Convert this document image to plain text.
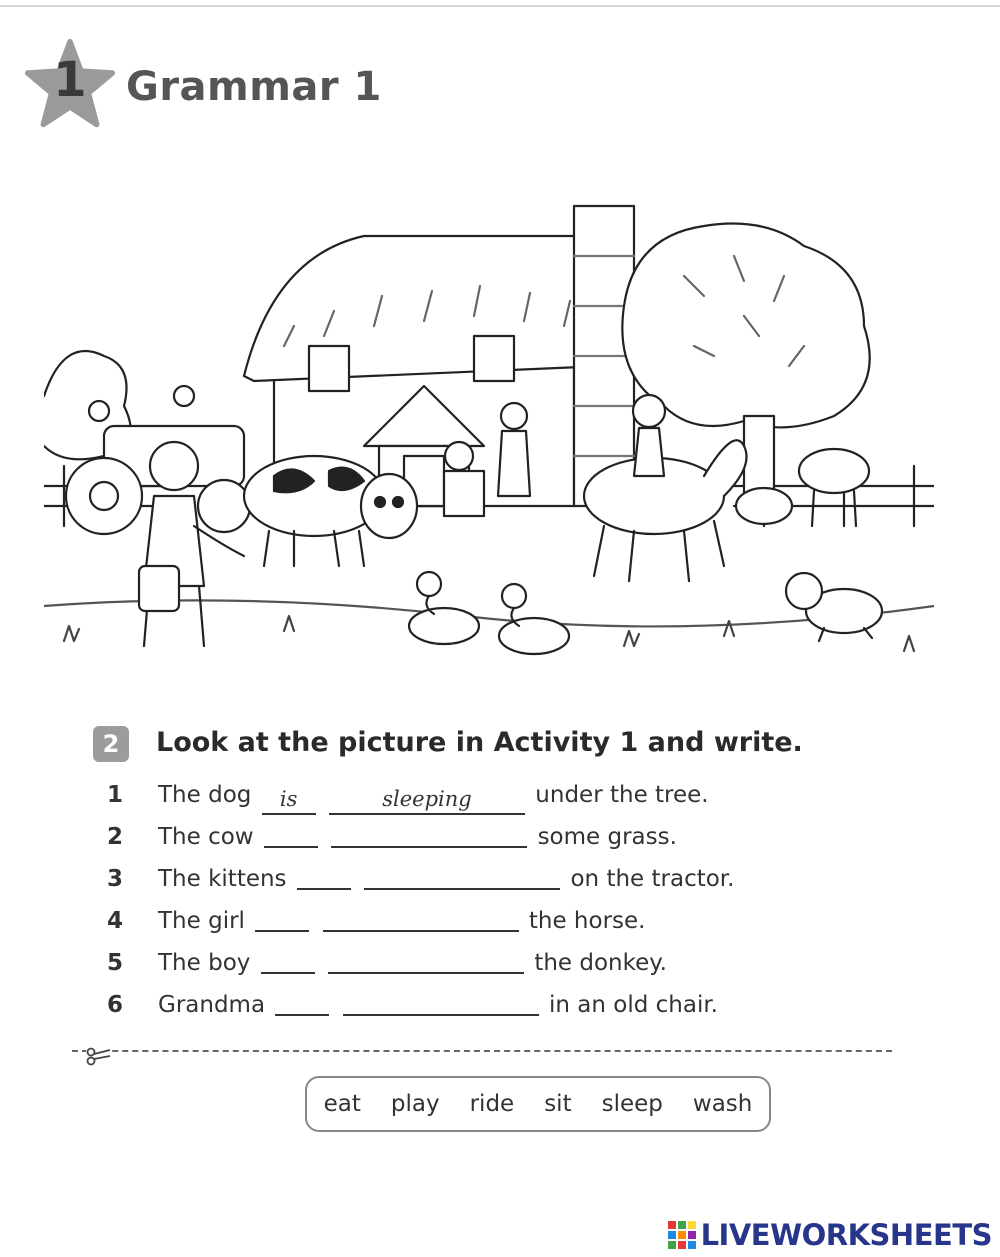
1 Grammar 1
2	Look at the picture in Activity 1 and write.
1 The dog is	sleeping	under the tree.
2 The cow	some grass.
3 The kittens	on the tractor.
4 The girl	the horse.
5 The boy	the donkey.
6 Grandma	in an old chair.
eat play ride sit sleep wash
LIVEWORKSHEETS
